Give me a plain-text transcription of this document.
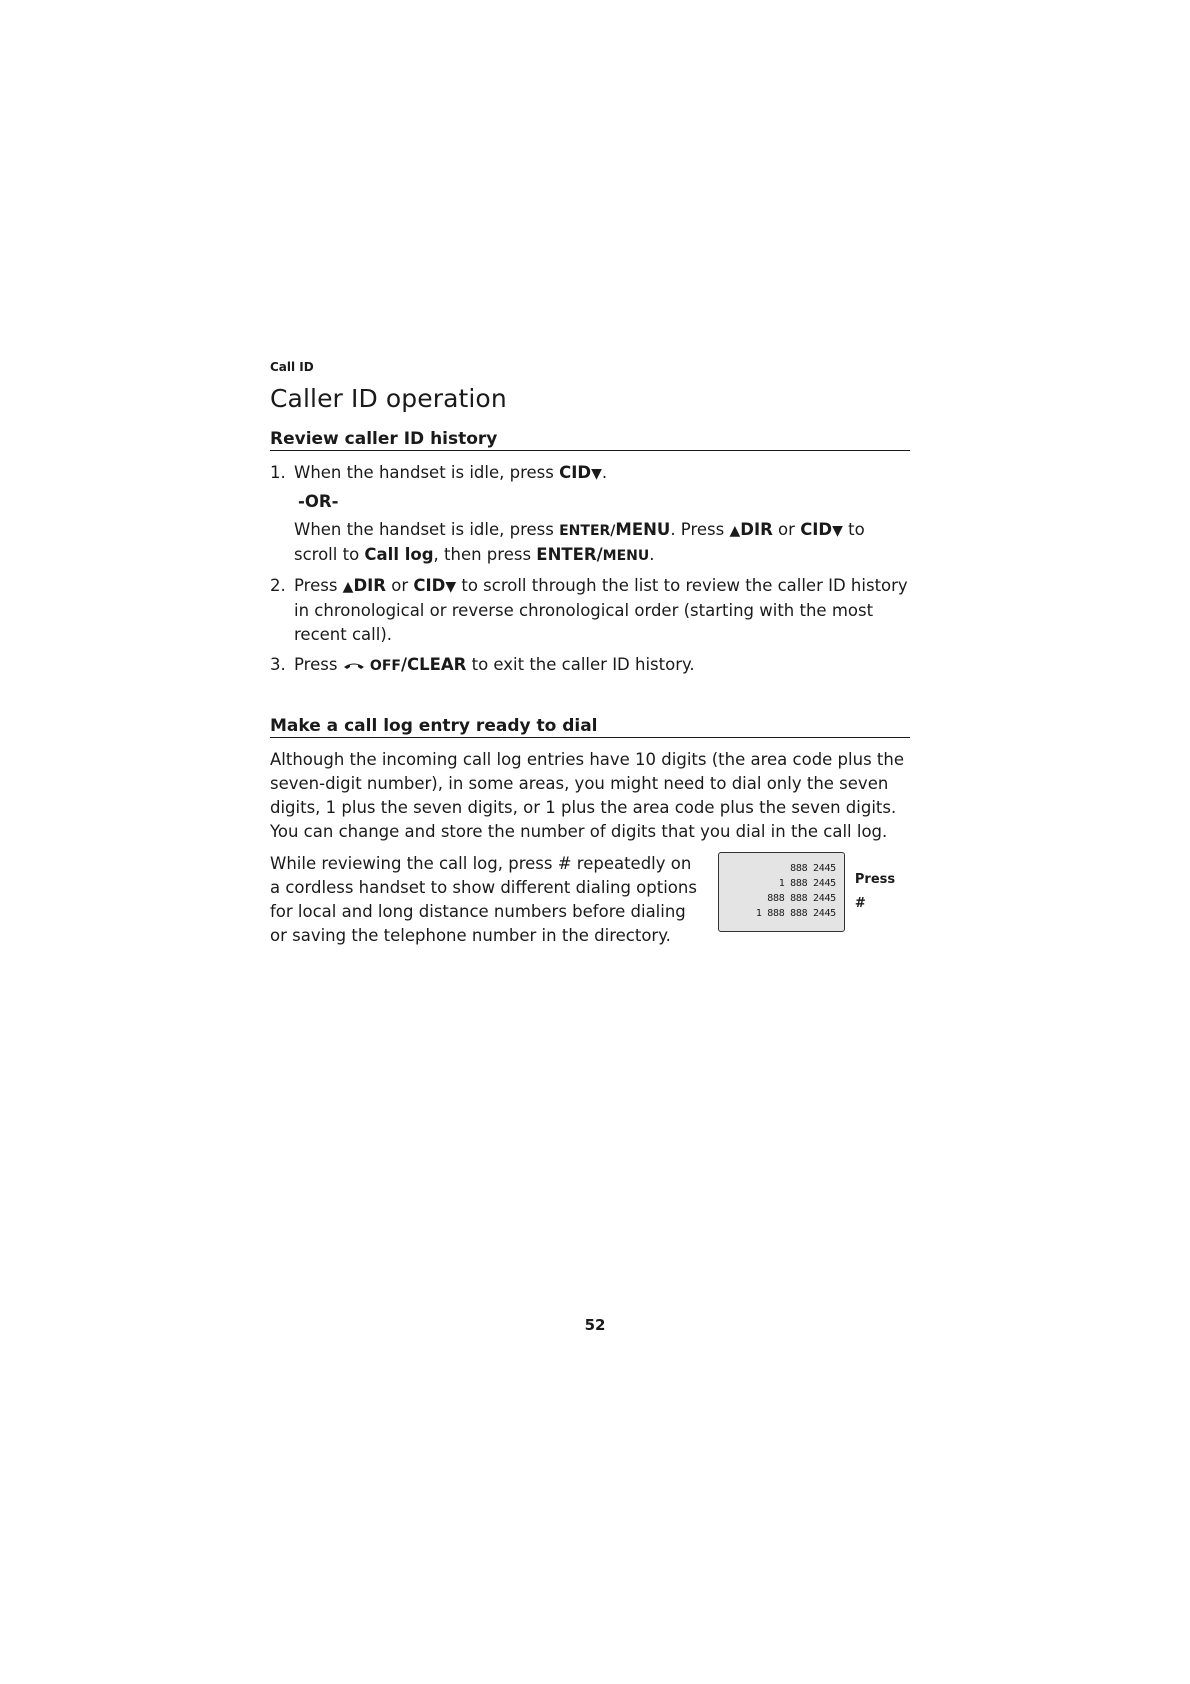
Call ID
Caller ID operation
Review caller ID history
1. When the handset is idle, press CID▼.
-OR-
When the handset is idle, press ENTER/MENU. Press ▲DIR or CID▼ to scroll to Call log, then press ENTER/MENU.
2. Press ▲DIR or CID▼ to scroll through the list to review the caller ID history in chronological or reverse chronological order (starting with the most recent call).
3. Press  OFF/CLEAR to exit the caller ID history.
Make a call log entry ready to dial

Although the incoming call log entries have 10 digits (the area code plus the seven-digit number), in some areas, you might need to dial only the seven digits, 1 plus the seven digits, or 1 plus the area code plus the seven digits. You can change and store the number of digits that you dial in the call log.

While reviewing the call log, press # repeatedly on a cordless handset to show different dialing options for local and long distance numbers before dialing or saving the telephone number in the directory.

888 2445
1 888 2445
888 888 2445
1 888 888 2445
Press #
52
